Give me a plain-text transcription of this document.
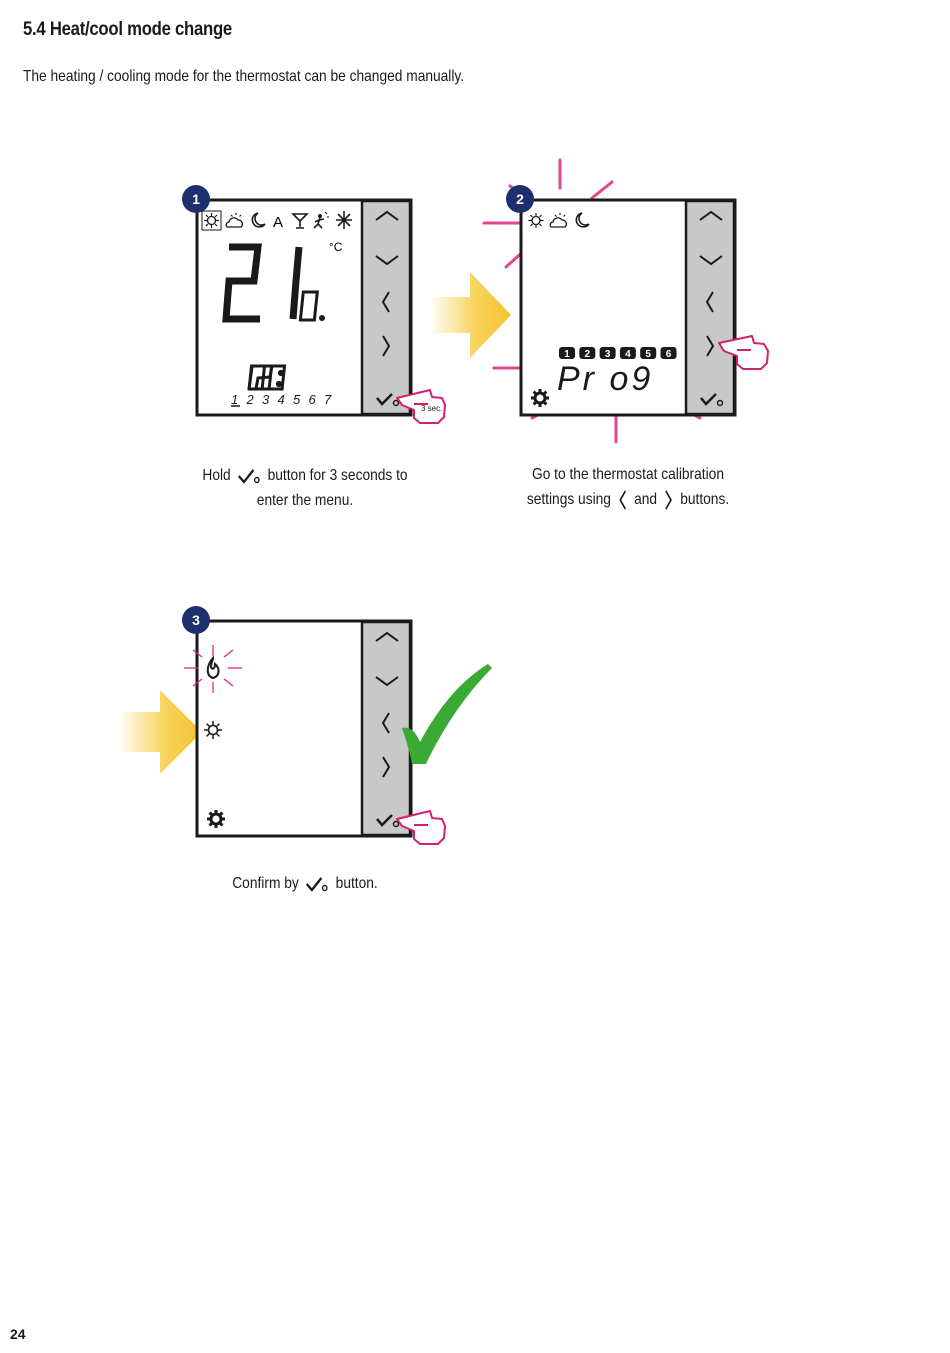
5.4 Heat/cool mode change
The heating / cooling mode for the thermostat can be changed manually.
A
°C
1 2 3 4 5 6 7
1
3 sec.
Hold button for 3 seconds to
enter the menu.
1 2 3 4 5 6
Pr o9
2
Go to the thermostat calibration
settings using and buttons.
3
Confirm by button.
24
